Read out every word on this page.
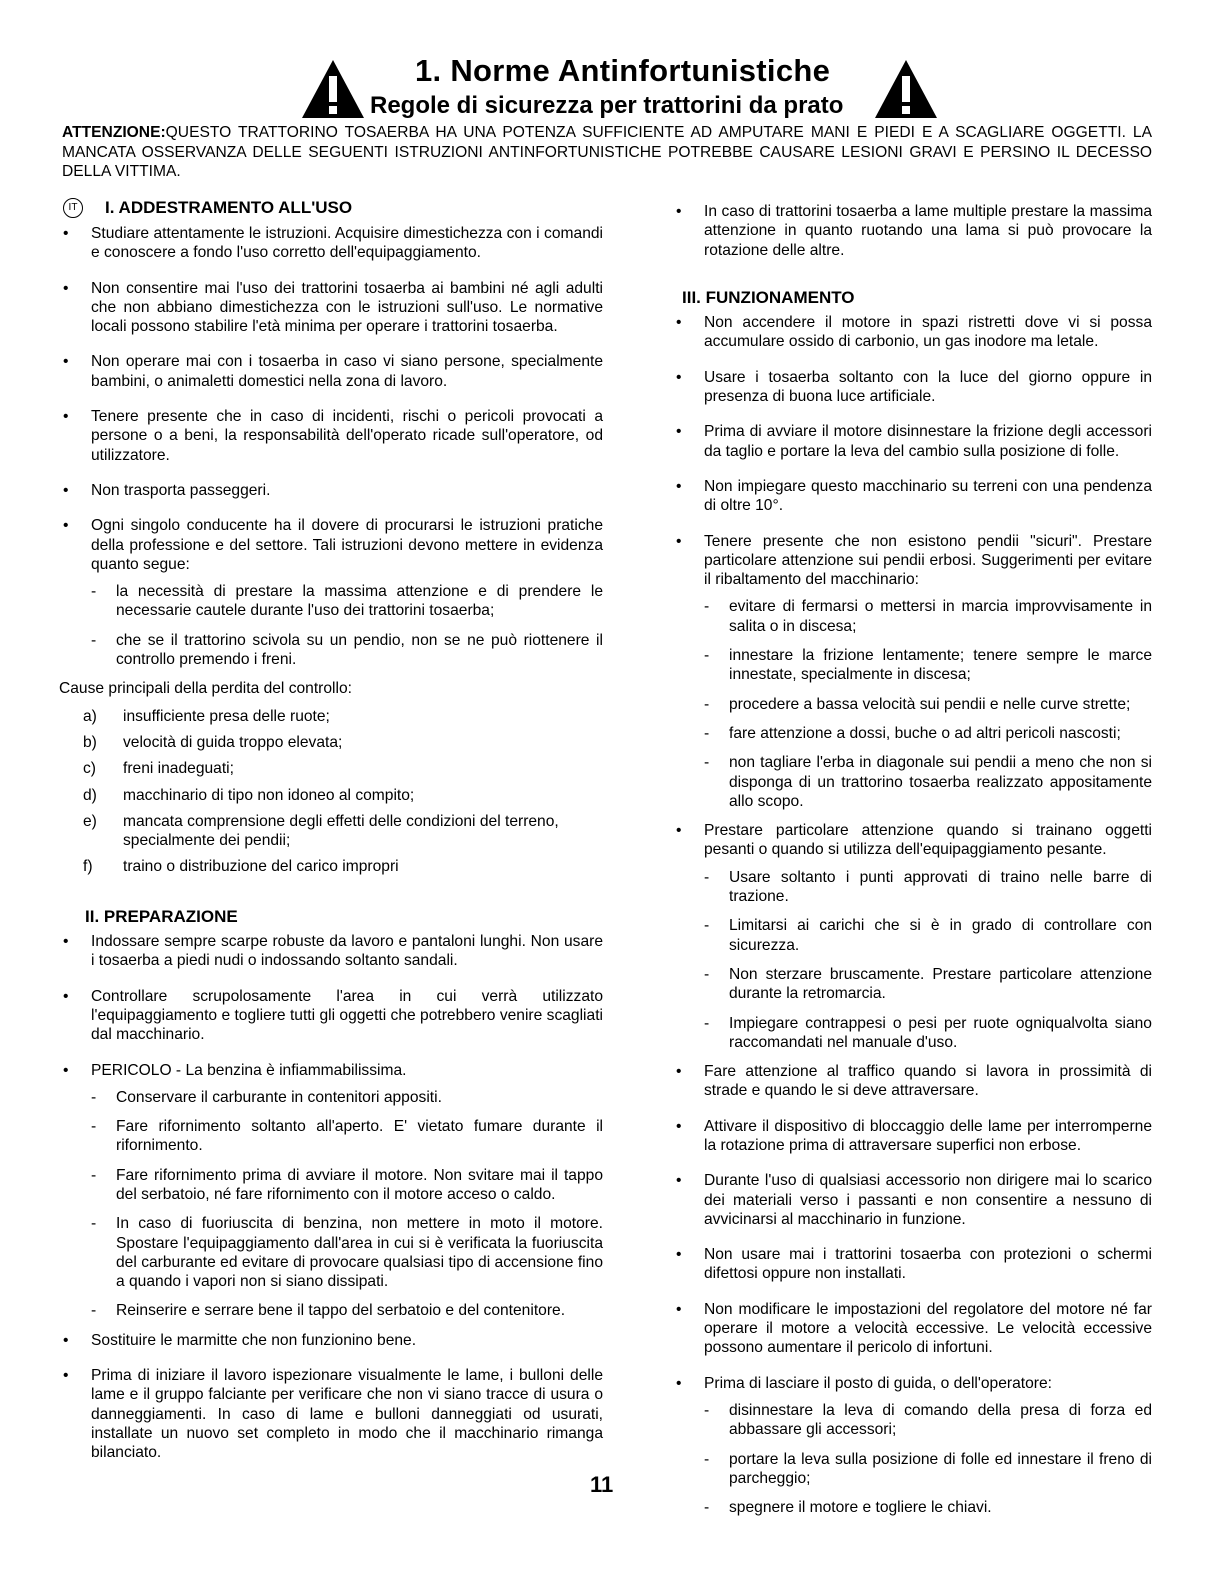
1. Norme Antinfortunistiche
Regole di sicurezza per trattorini da prato
ATTENZIONE:QUESTO TRATTORINO TOSAERBA HA UNA POTENZA SUFFICIENTE AD AMPUTARE MANI E PIEDI E A SCAGLIARE OGGETTI. LA MANCATA OSSERVANZA DELLE SEGUENTI ISTRUZIONI ANTINFORTUNISTICHE POTREBBE CAUSARE LESIONI GRAVI E PERSINO IL DECESSO DELLA VITTIMA.
IT	I. ADDESTRAMENTO ALL'USO
• Studiare attentamente le istruzioni. Acquisire dimestichezza con i comandi e conoscere a fondo l'uso corretto dell'equipaggiamento.
• Non consentire mai l'uso dei trattorini tosaerba ai bambini né agli adulti che non abbiano dimestichezza con le istruzioni sull'uso. Le normative locali possono stabilire l'età minima per operare i trattorini tosaerba.
• Non operare mai con i tosaerba in caso vi siano persone, specialmente bambini, o animaletti domestici nella zona di lavoro.
• Tenere presente che in caso di incidenti, rischi o pericoli provocati a persone o a beni, la responsabilità dell'operato ricade sull'operatore, od utilizzatore.
• Non trasporta passeggeri.
• Ogni singolo conducente ha il dovere di procurarsi le istruzioni pratiche della professione e del settore. Tali istruzioni devono mettere in evidenza quanto segue:
- la necessità di prestare la massima attenzione e di prendere le necessarie cautele durante l'uso dei trattorini tosaerba;
- che se il trattorino scivola su un pendio, non se ne può riottenere il controllo premendo i freni.
Cause principali della perdita del controllo:
a) insufficiente presa delle ruote;
b) velocità di guida troppo elevata;
c) freni inadeguati;
d) macchinario di tipo non idoneo al compito;
e) mancata comprensione degli effetti delle condizioni del terreno, specialmente dei pendii;
f) traino o distribuzione del carico impropri
II. PREPARAZIONE
• Indossare sempre scarpe robuste da lavoro e pantaloni lunghi. Non usare i tosaerba a piedi nudi o indossando soltanto sandali.
• Controllare scrupolosamente l'area in cui verrà utilizzato l'equipaggiamento e togliere tutti gli oggetti che potrebbero venire scagliati dal macchinario.
• PERICOLO - La benzina è infiammabilissima.
- Conservare il carburante in contenitori appositi.
- Fare rifornimento soltanto all'aperto. E' vietato fumare durante il rifornimento.
- Fare rifornimento prima di avviare il motore. Non svitare mai il tappo del serbatoio, né fare rifornimento con il motore acceso o caldo.
- In caso di fuoriuscita di benzina, non mettere in moto il motore. Spostare l'equipaggiamento dall'area in cui si è verificata la fuoriuscita del carburante ed evitare di provocare qualsiasi tipo di accensione fino a quando i vapori non si siano dissipati.
- Reinserire e serrare bene il tappo del serbatoio e del contenitore.
• Sostituire le marmitte che non funzionino bene.
• Prima di iniziare il lavoro ispezionare visualmente le lame, i bulloni delle lame e il gruppo falciante per verificare che non vi siano tracce di usura o danneggiamenti. In caso di lame e bulloni danneggiati od usurati, installate un nuovo set completo in modo che il macchinario rimanga bilanciato.
• In caso di trattorini tosaerba a lame multiple prestare la massima attenzione in quanto ruotando una lama si può provocare la rotazione delle altre.
III. FUNZIONAMENTO
• Non accendere il motore in spazi ristretti dove vi si possa accumulare ossido di carbonio, un gas inodore ma letale.
• Usare i tosaerba soltanto con la luce del giorno oppure in presenza di buona luce artificiale.
• Prima di avviare il motore disinnestare la frizione degli accessori da taglio e portare la leva del cambio sulla posizione di folle.
• Non impiegare questo macchinario su terreni con una pendenza di oltre 10°.
• Tenere presente che non esistono pendii "sicuri". Prestare particolare attenzione sui pendii erbosi. Suggerimenti per evitare il ribaltamento del macchinario:
- evitare di fermarsi o mettersi in marcia improvvisamente in salita o in discesa;
- innestare la frizione lentamente; tenere sempre le marce innestate, specialmente in discesa;
- procedere a bassa velocità sui pendii e nelle curve strette;
- fare attenzione a dossi, buche o ad altri pericoli nascosti;
- non tagliare l'erba in diagonale sui pendii a meno che non si disponga di un trattorino tosaerba realizzato appositamente allo scopo.
• Prestare particolare attenzione quando si trainano oggetti pesanti o quando si utilizza dell'equipaggiamento pesante.
- Usare soltanto i punti approvati di traino nelle barre di trazione.
- Limitarsi ai carichi che si è in grado di controllare con sicurezza.
- Non sterzare bruscamente. Prestare particolare attenzione durante la retromarcia.
- Impiegare contrappesi o pesi per ruote ogniqualvolta siano raccomandati nel manuale d'uso.
• Fare attenzione al traffico quando si lavora in prossimità di strade e quando le si deve attraversare.
• Attivare il dispositivo di bloccaggio delle lame per interromperne la rotazione prima di attraversare superfici non erbose.
• Durante l'uso di qualsiasi accessorio non dirigere mai lo scarico dei materiali verso i passanti e non consentire a nessuno di avvicinarsi al macchinario in funzione.
• Non usare mai i trattorini tosaerba con protezioni o schermi difettosi oppure non installati.
• Non modificare le impostazioni del regolatore del motore né far operare il motore a velocità eccessive. Le velocità eccessive possono aumentare il pericolo di infortuni.
• Prima di lasciare il posto di guida, o dell'operatore:
- disinnestare la leva di comando della presa di forza ed abbassare gli accessori;
- portare la leva sulla posizione di folle ed innestare il freno di parcheggio;
- spegnere il motore e togliere le chiavi.
11
